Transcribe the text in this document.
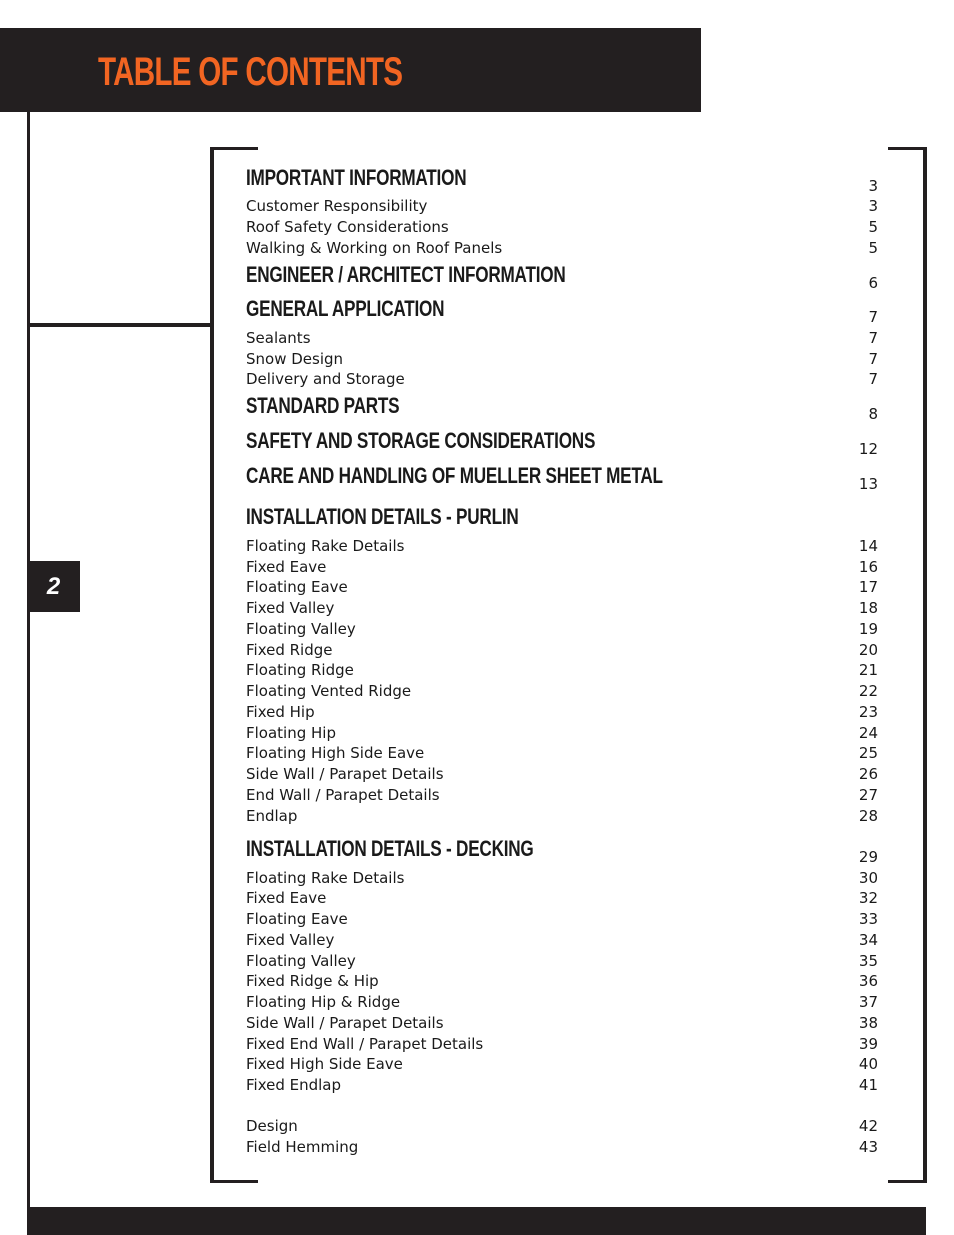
TABLE OF CONTENTS
2
IMPORTANT INFORMATION	3
Customer Responsibility	3
Roof Safety Considerations	5
Walking & Working on Roof Panels	5
ENGINEER / ARCHITECT INFORMATION	6
GENERAL APPLICATION	7
Sealants	7
Snow Design	7
Delivery and Storage	7
STANDARD PARTS	8
SAFETY AND STORAGE CONSIDERATIONS	12
CARE AND HANDLING OF MUELLER SHEET METAL	13
INSTALLATION DETAILS - PURLIN
Floating Rake Details	14
Fixed Eave	16
Floating Eave	17
Fixed Valley	18
Floating Valley	19
Fixed Ridge	20
Floating Ridge	21
Floating Vented Ridge	22
Fixed Hip	23
Floating Hip	24
Floating High Side Eave	25
Side Wall / Parapet Details	26
End Wall / Parapet Details	27
Endlap	28
INSTALLATION DETAILS - DECKING	29
Floating Rake Details	30
Fixed Eave	32
Floating Eave	33
Fixed Valley	34
Floating Valley	35
Fixed Ridge & Hip	36
Floating Hip & Ridge	37
Side Wall / Parapet Details	38
Fixed End Wall / Parapet Details	39
Fixed High Side Eave	40
Fixed Endlap	41
Design	42
Field Hemming	43
